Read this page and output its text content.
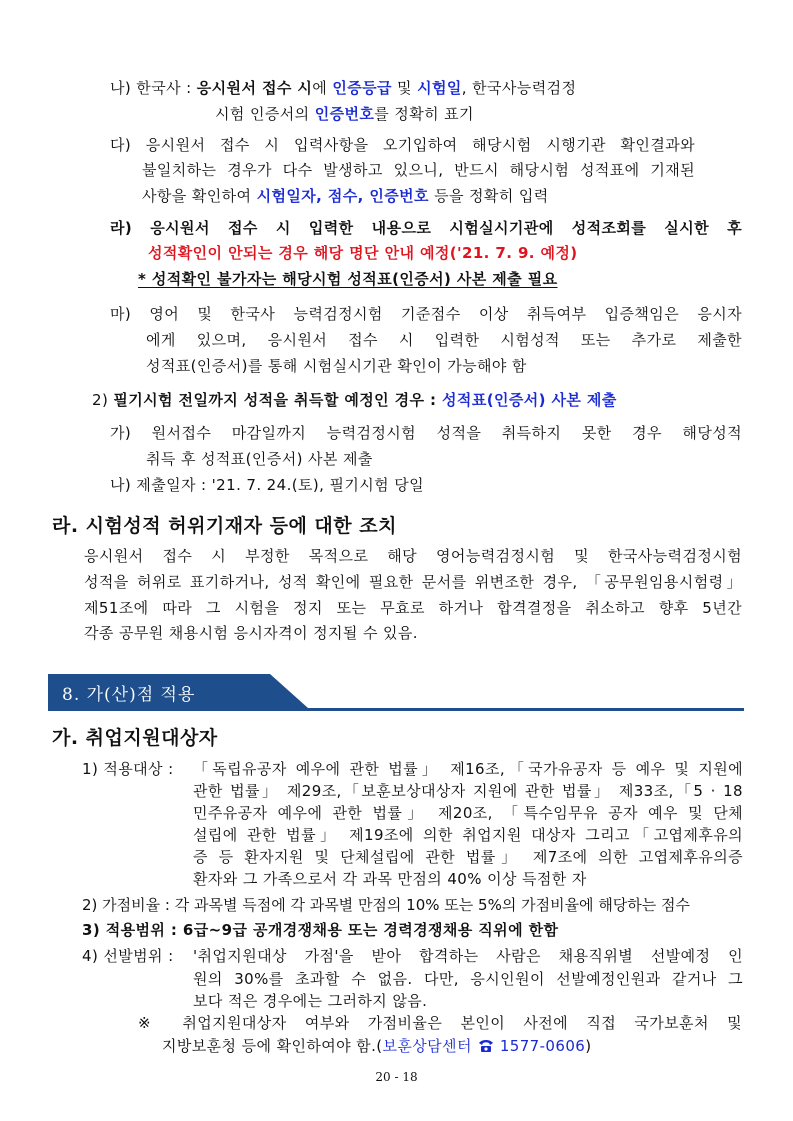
나) 한국사 : 응시원서 접수 시에 인증등급 및 시험일, 한국사능력검정
시험 인증서의 인증번호를 정확히 표기
다) 응시원서 접수 시 입력사항을 오기입하여 해당시험 시행기관 확인결과와
불일치하는 경우가 다수 발생하고 있으니, 반드시 해당시험 성적표에 기재된
사항을 확인하여 시험일자, 점수, 인증번호 등을 정확히 입력
라) 응시원서 접수 시 입력한 내용으로 시험실시기관에 성적조회를 실시한 후
성적확인이 안되는 경우 해당 명단 안내 예정('21. 7. 9. 예정)
* 성적확인 불가자는 해당시험 성적표(인증서) 사본 제출 필요
마) 영어 및 한국사 능력검정시험 기준점수 이상 취득여부 입증책임은 응시자
에게 있으며, 응시원서 접수 시 입력한 시험성적 또는 추가로 제출한
성적표(인증서)를 통해 시험실시기관 확인이 가능해야 함
2) 필기시험 전일까지 성적을 취득할 예정인 경우 : 성적표(인증서) 사본 제출
가) 원서접수 마감일까지 능력검정시험 성적을 취득하지 못한 경우 해당성적
취득 후 성적표(인증서) 사본 제출
나) 제출일자 : '21. 7. 24.(토), 필기시험 당일
라. 시험성적 허위기재자 등에 대한 조치
응시원서 접수 시 부정한 목적으로 해당 영어능력검정시험 및 한국사능력검정시험
성적을 허위로 표기하거나, 성적 확인에 필요한 문서를 위변조한 경우, 「공무원임용시험령」
제51조에 따라 그 시험을 정지 또는 무효로 하거나 합격결정을 취소하고 향후 5년간
각종 공무원 채용시험 응시자격이 정지될 수 있음.
8. 가(산)점 적용
가. 취업지원대상자
1) 적용대상 : 「독립유공자 예우에 관한 법률」 제16조,「국가유공자 등 예우 및 지원에
관한 법률」 제29조,「보훈보상대상자 지원에 관한 법률」 제33조,「5 · 18
민주유공자 예우에 관한 법률」 제20조, 「특수임무유 공자 예우 및 단체
설립에 관한 법률」 제19조에 의한 취업지원 대상자 그리고「고엽제후유의
증 등 환자지원 및 단체설립에 관한 법률」 제7조에 의한 고엽제후유의증
환자와 그 가족으로서 각 과목 만점의 40% 이상 득점한 자
2) 가점비율 : 각 과목별 득점에 각 과목별 만점의 10% 또는 5%의 가점비율에 해당하는 점수
3) 적용범위 : 6급~9급 공개경쟁채용 또는 경력경쟁채용 직위에 한함
4) 선발범위 : '취업지원대상 가점'을 받아 합격하는 사람은 채용직위별 선발예정 인
원의 30%를 초과할 수 없음. 다만, 응시인원이 선발예정인원과 같거나 그
보다 적은 경우에는 그러하지 않음.
※ 취업지원대상자 여부와 가점비율은 본인이 사전에 직접 국가보훈처 및
지방보훈청 등에 확인하여야 함.(보훈상담센터 1577-0606)
20 - 18
